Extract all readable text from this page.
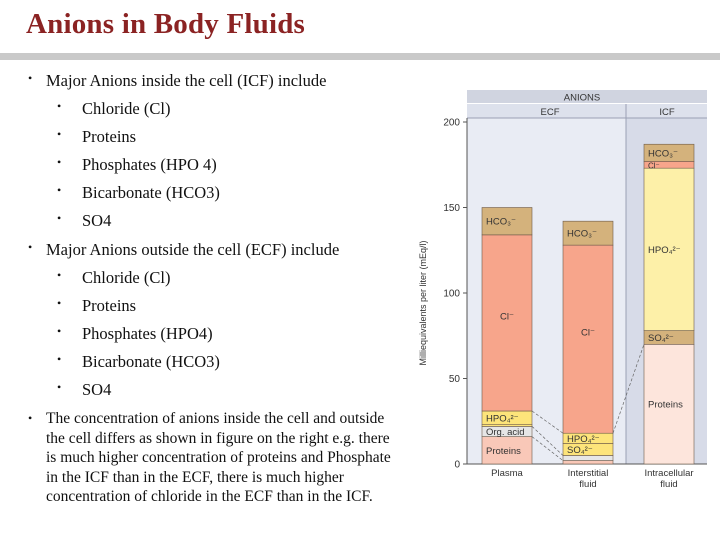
Anions in Body Fluids
• Major Anions inside the cell (ICF) include
• Chloride (Cl)
• Proteins
• Phosphates (HPO 4)
• Bicarbonate (HCO3)
• SO4
• Major Anions outside the cell (ECF) include
• Chloride (Cl)
• Proteins
• Phosphates (HPO4)
• Bicarbonate (HCO3)
• SO4
• The concentration of anions inside the cell and outside the cell differs as shown in figure on the right e.g. there is much higher concentration of proteins and Phosphate in the ICF than in the ECF, there is much higher concentration of chloride in the ECF than in the ICF.
ANIONS
ECF	ICF
0
50
100
150
200
Milliequivalents per liter (mEq/l)
Proteins
Org. acid
HPO₄²⁻
Cl⁻
HCO₃⁻
SO₄²⁻
HPO₄²⁻
Cl⁻
HCO₃⁻
Proteins
SO₄²⁻
HPO₄²⁻
Cl⁻
HCO₃⁻
Plasma	Interstitial fluid
Intracellular fluid
